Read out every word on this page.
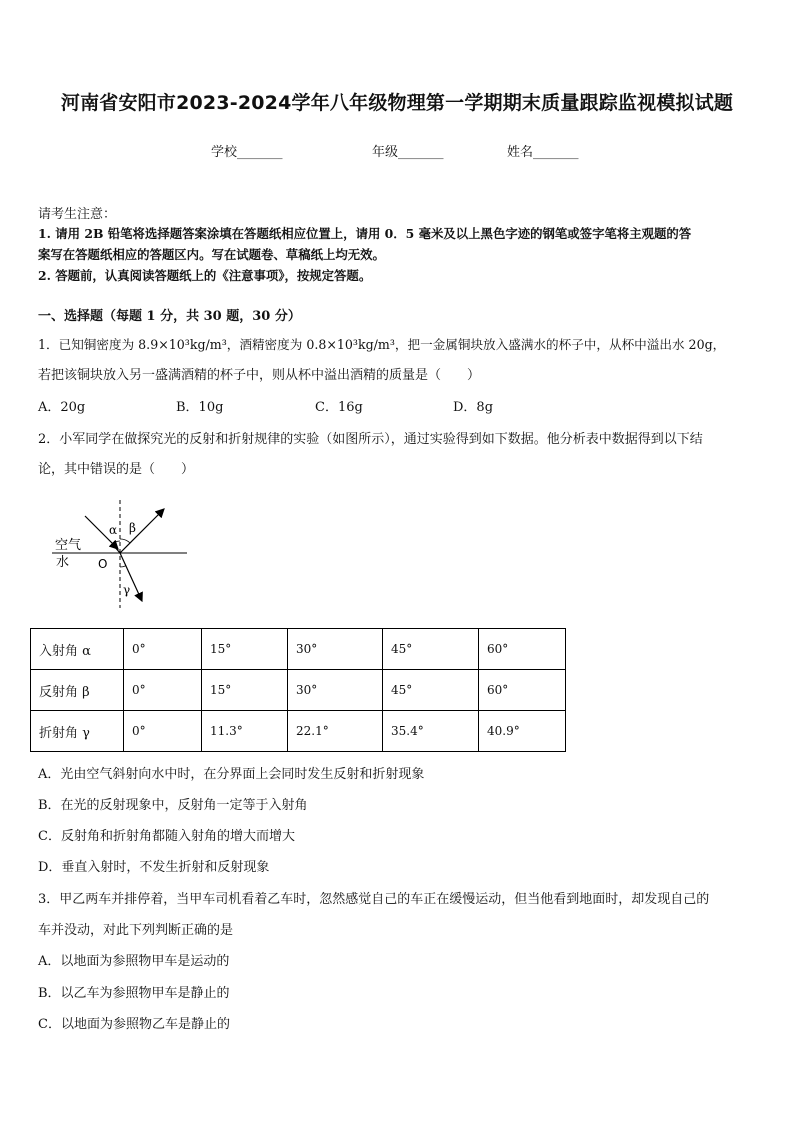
河南省安阳市2023-2024学年八年级物理第一学期期末质量跟踪监视模拟试题
学校_______	年级_______	姓名_______
请考生注意：
1. 请用 2B 铅笔将选择题答案涂填在答题纸相应位置上，请用 0．5 毫米及以上黑色字迹的钢笔或签字笔将主观题的答
案写在答题纸相应的答题区内。写在试题卷、草稿纸上均无效。
2. 答题前，认真阅读答题纸上的《注意事项》，按规定答题。
一、选择题（每题 1 分，共 30 题，30 分）
1．已知铜密度为 8.9×10³kg/m³，酒精密度为 0.8×10³kg/m³，把一金属铜块放入盛满水的杯子中，从杯中溢出水 20g，
若把该铜块放入另一盛满酒精的杯子中，则从杯中溢出酒精的质量是（　　）
A．20g	B．10g	C．16g	D．8g
2．小军同学在做探究光的反射和折射规律的实验（如图所示），通过实验得到如下数据。他分析表中数据得到以下结
论，其中错误的是（　　）
空气
水 O
α β
γ
入射角 α	0°	15°	30°	45°	60°
反射角 β	0°	15°	30°	45°	60°
折射角 γ	0°	11.3°	22.1°	35.4°	40.9°
A．光由空气斜射向水中时，在分界面上会同时发生反射和折射现象
B．在光的反射现象中，反射角一定等于入射角
C．反射角和折射角都随入射角的增大而增大
D．垂直入射时，不发生折射和反射现象
3．甲乙两车并排停着，当甲车司机看着乙车时，忽然感觉自己的车正在缓慢运动，但当他看到地面时，却发现自己的
车并没动，对此下列判断正确的是
A．以地面为参照物甲车是运动的
B．以乙车为参照物甲车是静止的
C．以地面为参照物乙车是静止的
